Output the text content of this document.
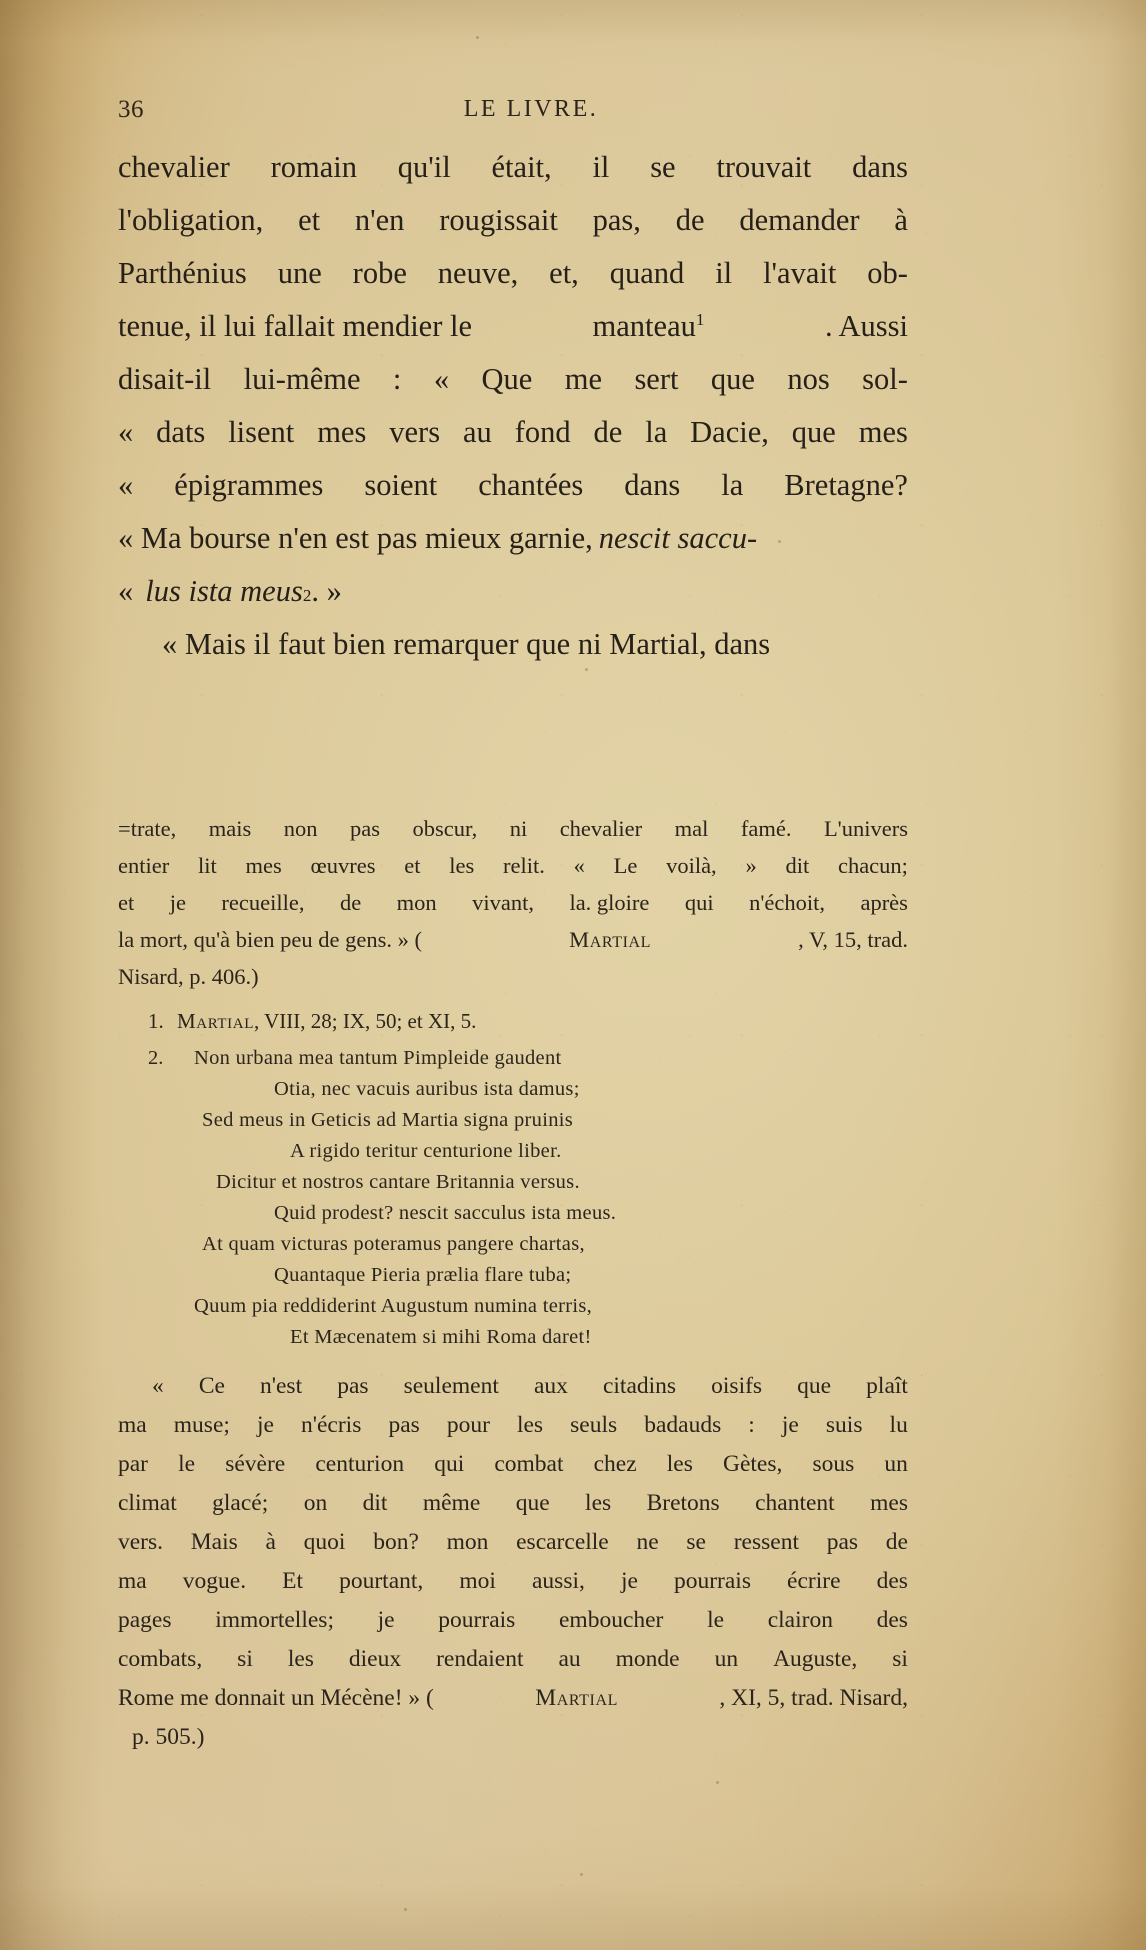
36	LE LIVRE.
chevalier romain qu'il était, il se trouvait dans
l'obligation, et n'en rougissait pas, de demander à
Parthénius une robe neuve, et, quand il l'avait ob-
tenue, il lui fallait mendier le	manteau$^1$	. Aussi
disait-il lui-même : « Que me sert que nos sol-
« dats lisent mes vers au fond de la Dacie, que mes
« épigrammes soient chantées dans la Bretagne?
« Ma bourse n'en est pas mieux garnie, nescit saccu-
« lus ista meus 2 . »
« Mais il faut bien remarquer que ni Martial, dans
=trate, mais non pas obscur, ni chevalier mal famé. L'univers
entier lit mes œuvres et les relit. « Le voilà, » dit chacun;
et je recueille, de mon vivant, la. gloire qui n'échoit, après
la mort, qu'à bien peu de gens. » (	Martial	, V, 15, trad.
Nisard, p. 406.)
1. Martial, VIII, 28; IX, 50; et XI, 5.
2.	Non urbana mea tantum Pimpleide gaudent
Otia, nec vacuis auribus ista damus;
Sed meus in Geticis ad Martia signa pruinis
A rigido teritur centurione liber.
Dicitur et nostros cantare Britannia versus.
Quid prodest? nescit sacculus ista meus.
At quam victuras poteramus pangere chartas,
Quantaque Pieria prælia flare tuba;
Quum pia reddiderint Augustum numina terris,
Et Mæcenatem si mihi Roma daret!
« Ce n'est pas seulement aux citadins oisifs que plaît
ma muse; je n'écris pas pour les seuls badauds : je suis lu
par le sévère centurion qui combat chez les Gètes, sous un
climat glacé; on dit même que les Bretons chantent mes
vers. Mais à quoi bon? mon escarcelle ne se ressent pas de
ma vogue. Et pourtant, moi aussi, je pourrais écrire des
pages immortelles; je pourrais emboucher le clairon des
combats, si les dieux rendaient au monde un Auguste, si
Rome me donnait un Mécène! » (	Martial	, XI, 5, trad. Nisard,
p. 505.)
